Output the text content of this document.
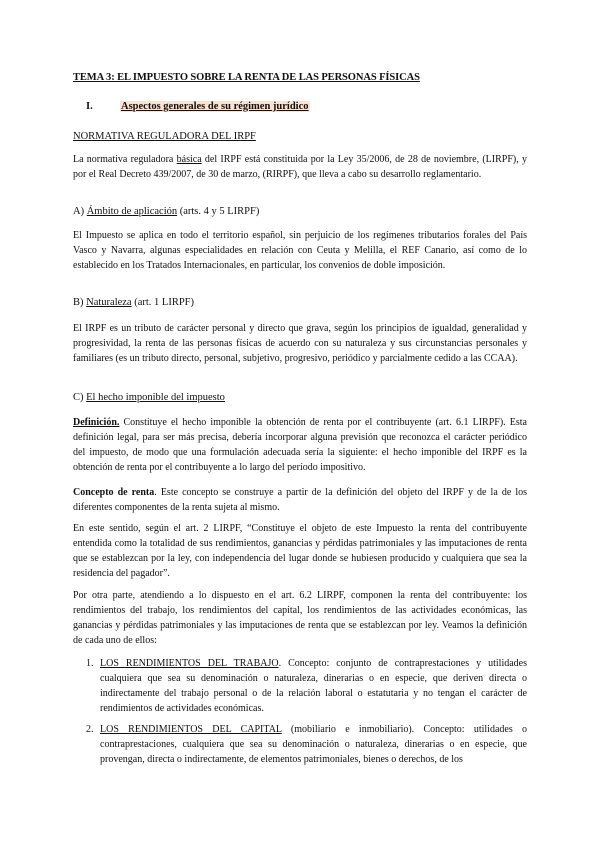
TEMA 3: EL IMPUESTO SOBRE LA RENTA DE LAS PERSONAS FÍSICAS
I.	Aspectos generales de su régimen jurídico
NORMATIVA REGULADORA DEL IRPF
La normativa reguladora básica del IRPF está constituida por la Ley 35/2006, de 28 de noviembre, (LIRPF), y por el Real Decreto 439/2007, de 30 de marzo, (RIRPF), que lleva a cabo su desarrollo reglamentario.
A) Ámbito de aplicación (arts. 4 y 5 LIRPF)
El Impuesto se aplica en todo el territorio español, sin perjuicio de los regímenes tributarios forales del País Vasco y Navarra, algunas especialidades en relación con Ceuta y Melilla, el REF Canario, así como de lo establecido en los Tratados Internacionales, en particular, los convenios de doble imposición.
B) Naturaleza (art. 1 LIRPF)
El IRPF es un tributo de carácter personal y directo que grava, según los principios de igualdad, generalidad y progresividad, la renta de las personas físicas de acuerdo con su naturaleza y sus circunstancias personales y familiares (es un tributo directo, personal, subjetivo, progresivo, periódico y parcialmente cedido a las CCAA).
C) El hecho imponible del impuesto
Definición. Constituye el hecho imponible la obtención de renta por el contribuyente (art. 6.1 LIRPF). Esta definición legal, para ser más precisa, debería incorporar alguna previsión que reconozca el carácter periódico del impuesto, de modo que una formulación adecuada sería la siguiente: el hecho imponible del IRPF es la obtención de renta por el contribuyente a lo largo del período impositivo.
Concepto de renta. Este concepto se construye a partir de la definición del objeto del IRPF y de la de los diferentes componentes de la renta sujeta al mismo.
En este sentido, según el art. 2 LIRPF, “Constituye el objeto de este Impuesto la renta del contribuyente entendida como la totalidad de sus rendimientos, ganancias y pérdidas patrimoniales y las imputaciones de renta que se establezcan por la ley, con independencia del lugar donde se hubiesen producido y cualquiera que sea la residencia del pagador”.
Por otra parte, atendiendo a lo dispuesto en el art. 6.2 LIRPF, componen la renta del contribuyente: los rendimientos del trabajo, los rendimientos del capital, los rendimientos de las actividades económicas, las ganancias y pérdidas patrimoniales y las imputaciones de renta que se establezcan por ley. Veamos la definición de cada uno de ellos:
1. LOS RENDIMIENTOS DEL TRABAJO. Concepto: conjunto de contraprestaciones y utilidades cualquiera que sea su denominación o naturaleza, dinerarias o en especie, que deriven directa o indirectamente del trabajo personal o de la relación laboral o estatutaria y no tengan el carácter de rendimientos de actividades económicas.
2. LOS RENDIMIENTOS DEL CAPITAL (mobiliario e inmobiliario). Concepto: utilidades o contraprestaciones, cualquiera que sea su denominación o naturaleza, dinerarias o en especie, que provengan, directa o indirectamente, de elementos patrimoniales, bienes o derechos, de los
